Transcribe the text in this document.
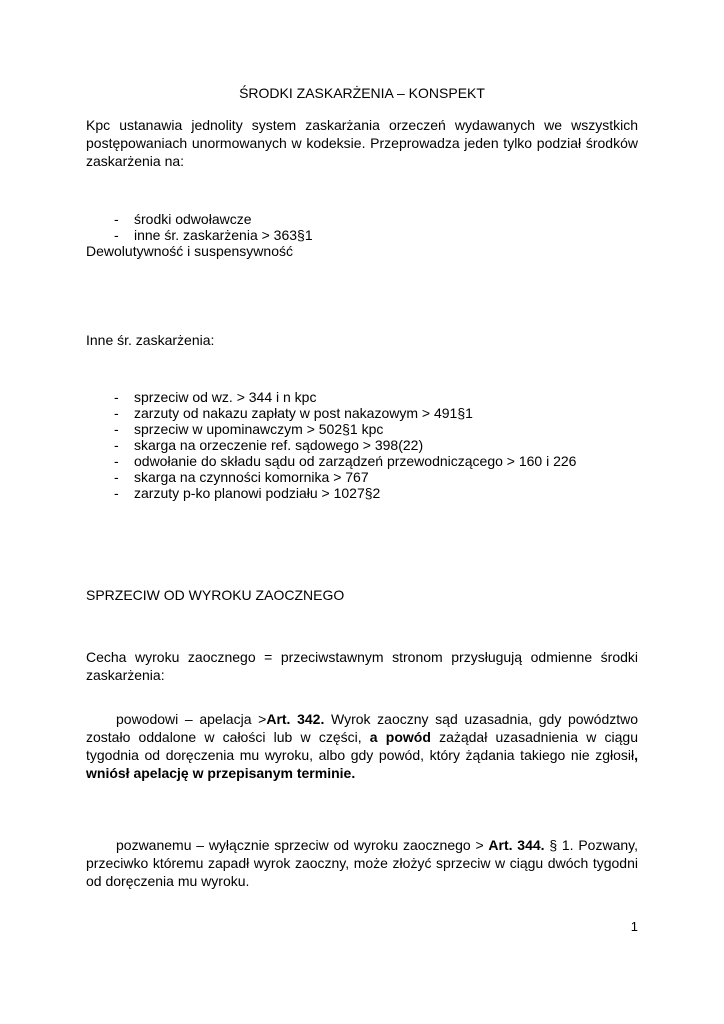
ŚRODKI ZASKARŻENIA – KONSPEKT

Kpc ustanawia jednolity system zaskarżania orzeczeń wydawanych we wszystkich postępowaniach unormowanych w kodeksie. Przeprowadza jeden tylko podział środków zaskarżenia na:

- środki odwoławcze
- inne śr. zaskarżenia > 363§1

Dewolutywność i suspensywność

Inne śr. zaskarżenia:

- sprzeciw od wz. > 344 i n kpc
- zarzuty od nakazu zapłaty w post nakazowym > 491§1
- sprzeciw w upominawczym > 502§1 kpc
- skarga na orzeczenie ref. sądowego > 398(22)
- odwołanie do składu sądu od zarządzeń przewodniczącego > 160 i 226
- skarga na czynności komornika > 767
- zarzuty p-ko planowi podziału > 1027§2

SPRZECIW OD WYROKU ZAOCZNEGO

Cecha wyroku zaocznego = przeciwstawnym stronom przysługują odmienne środki zaskarżenia:

powodowi – apelacja >Art. 342. Wyrok zaoczny sąd uzasadnia, gdy powództwo zostało oddalone w całości lub w części, a powód zażądał uzasadnienia w ciągu tygodnia od doręczenia mu wyroku, albo gdy powód, który żądania takiego nie zgłosił, wniósł apelację w przepisanym terminie.

pozwanemu – wyłącznie sprzeciw od wyroku zaocznego > Art. 344. § 1. Pozwany, przeciwko któremu zapadł wyrok zaoczny, może złożyć sprzeciw w ciągu dwóch tygodni od doręczenia mu wyroku.

1
